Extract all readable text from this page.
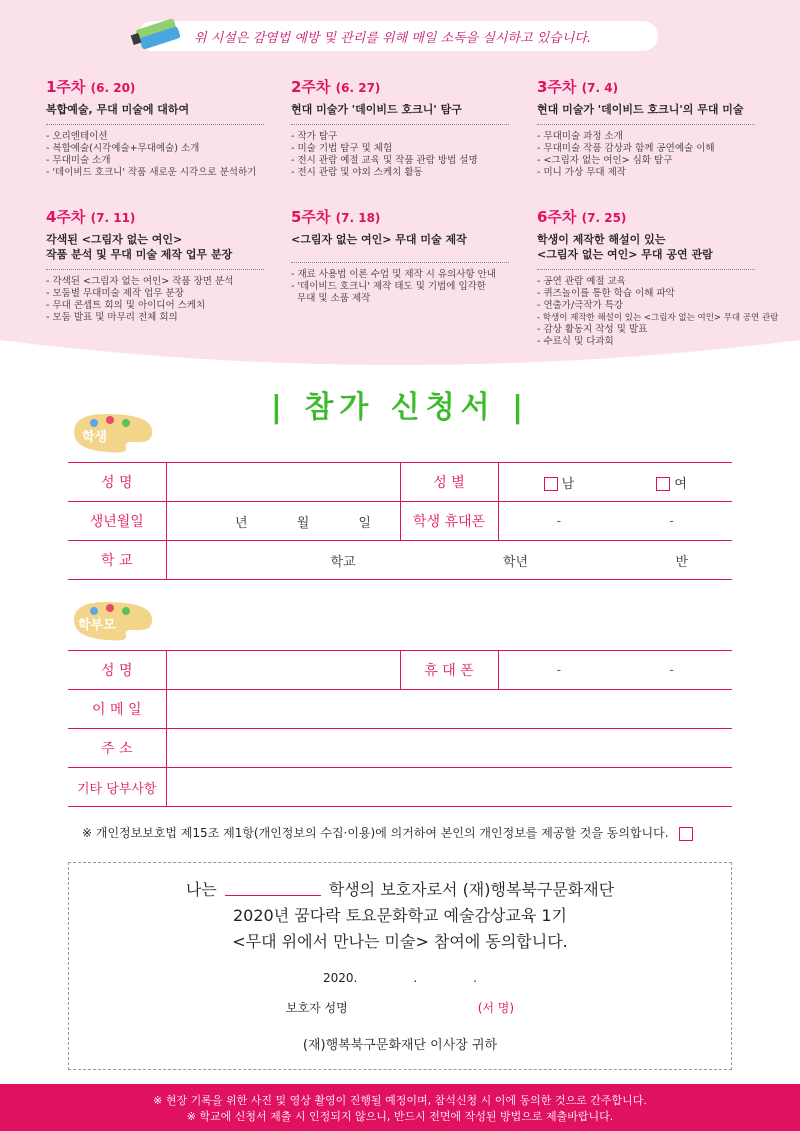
위 시설은 감염법 예방 및 관리를 위해 매일 소독을 실시하고 있습니다.
1주차 (6. 20)
복합예술, 무대 미술에 대하여
- 오리엔테이션
- 복합예술(시각예술+무대예술) 소개
- 무대미술 소개
- '데이비드 호크니' 작품 새로운 시각으로 분석하기
2주차 (6. 27)
현대 미술가 '데이비드 호크니' 탐구
- 작가 탐구
- 미술 기법 탐구 및 체험
- 전시 관람 예절 교육 및 작품 관람 방법 설명
- 전시 관람 및 야외 스케치 활동
3주차 (7. 4)
현대 미술가 '데이비드 호크니'의 무대 미술
- 무대미술 과정 소개
- 무대미술 작품 감상과 함께 공연예술 이해
- <그림자 없는 여인> 심화 탐구
- 미니 가상 무대 제작
4주차 (7. 11)
각색된 <그림자 없는 여인>
작품 분석 및 무대 미술 제작 업무 분장
- 각색된 <그림자 없는 여인> 작품 장면 분석
- 모둠별 무대미술 제작 업무 분장
- 무대 콘셉트 회의 및 아이디어 스케치
- 모둠 발표 및 마무리 전체 회의
5주차 (7. 18)
<그림자 없는 여인> 무대 미술 제작
- 재료 사용법 이론 수업 및 제작 시 유의사항 안내
- '데이비드 호크니' 제작 태도 및 기법에 입각한
무대 및 소품 제작
6주차 (7. 25)
학생이 제작한 해설이 있는
<그림자 없는 여인> 무대 공연 관람
- 공연 관람 예절 교육
- 퀴즈놀이를 통한 학습 이해 파악
- 연출가/극작가 특강
- 학생이 제작한 해설이 있는 <그림자 없는 여인> 무대 공연 관람
- 감상 활동지 작성 및 발표
- 수료식 및 다과회
| 참가 신청서 |
학생
성 명		성 별	남 여

생년월일	년 월 일	학생 휴대폰	- -

학 교	학교 학년 반		
학부모
성 명		휴 대 폰	- -

이 메 일			
주 소			
기타 당부사항			
※ 개인정보보호법 제15조 제1항(개인정보의 수집·이용)에 의거하여 본인의 개인정보를 제공할 것을 동의합니다.
나는	학생의 보호자로서 (재)행복북구문화재단
2020년 꿈다락 토요문화학교 예술감상교육 1기
<무대 위에서 만나는 미술> 참여에 동의합니다.
2020.	.	.
보호자 성명	(서 명)
(재)행복북구문화재단 이사장 귀하
※ 현장 기록을 위한 사진 및 영상 촬영이 진행될 예정이며, 참석신청 시 이에 동의한 것으로 간주합니다.
※ 학교에 신청서 제출 시 인정되지 않으니, 반드시 전면에 작성된 방법으로 제출바랍니다.
